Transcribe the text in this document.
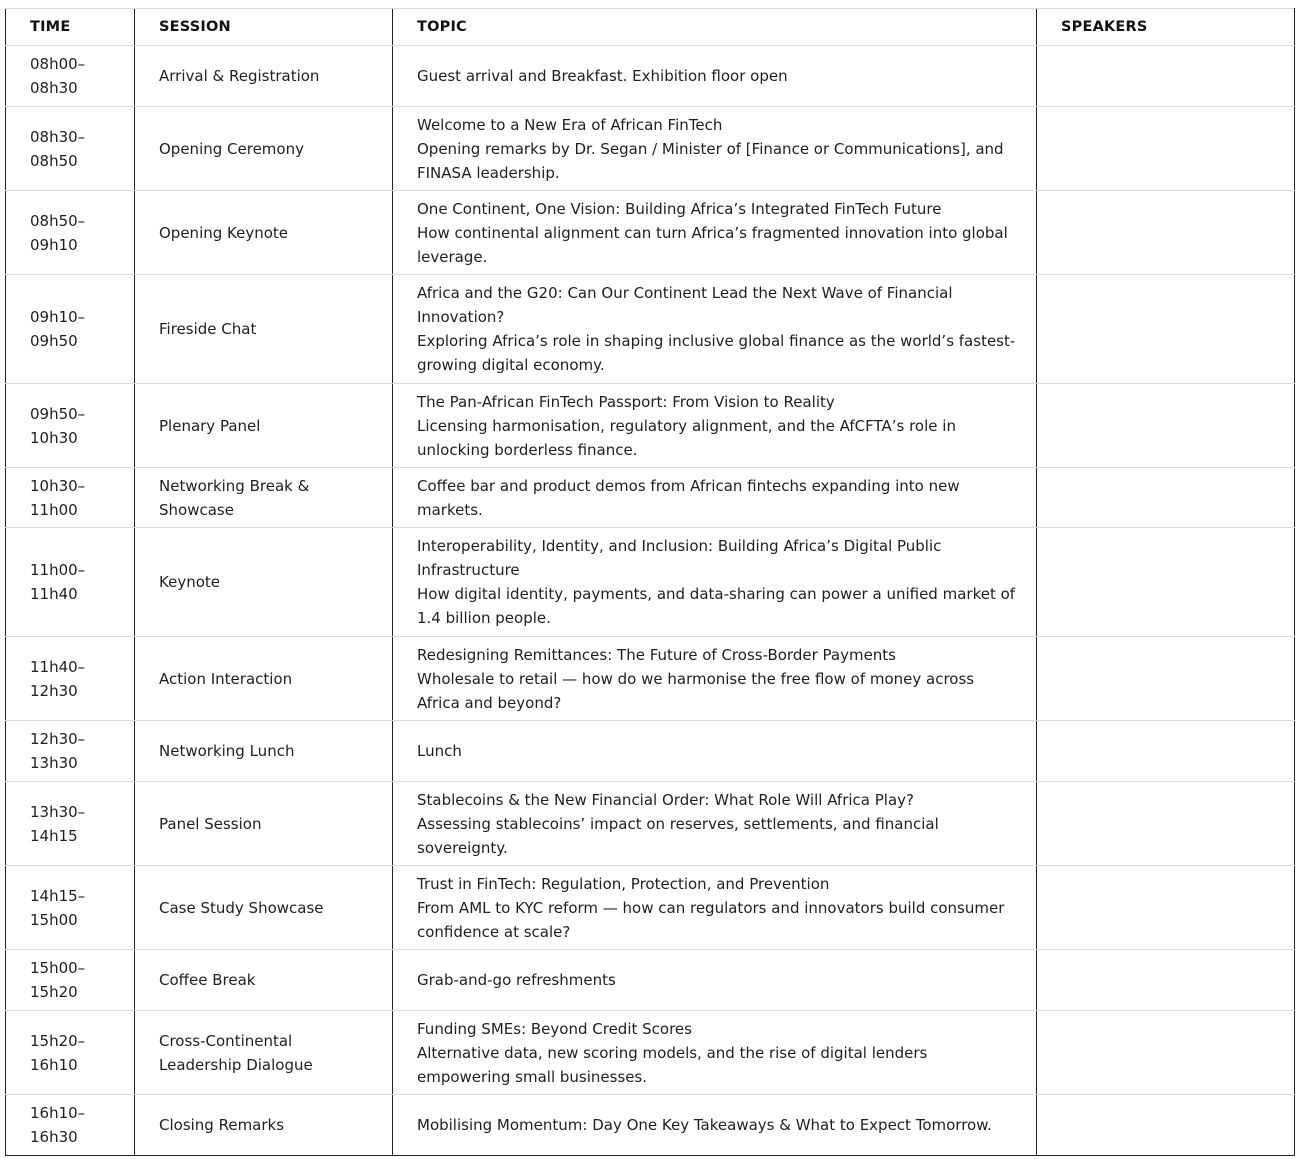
TIME	SESSION	TOPIC	SPEAKERS

08h00–
08h30	Arrival & Registration	Guest arrival and Breakfast. Exhibition floor open	

08h30–
08h50	Opening Ceremony	Welcome to a New Era of African FinTech
Opening remarks by Dr. Segan / Minister of [Finance or Communications], and FINASA leadership.	

08h50–
09h10	Opening Keynote	One Continent, One Vision: Building Africa’s Integrated FinTech Future
How continental alignment can turn Africa’s fragmented innovation into global leverage.	

09h10–
09h50	Fireside Chat	Africa and the G20: Can Our Continent Lead the Next Wave of Financial Innovation?
Exploring Africa’s role in shaping inclusive global finance as the world’s fastest-growing digital economy.	

09h50–
10h30	Plenary Panel	The Pan-African FinTech Passport: From Vision to Reality
Licensing harmonisation, regulatory alignment, and the AfCFTA’s role in unlocking borderless finance.	

10h30–
11h00	Networking Break & Showcase	Coffee bar and product demos from African fintechs expanding into new markets.	

11h00–
11h40	Keynote	Interoperability, Identity, and Inclusion: Building Africa’s Digital Public Infrastructure
How digital identity, payments, and data-sharing can power a unified market of 1.4 billion people.	

11h40–
12h30	Action Interaction	Redesigning Remittances: The Future of Cross-Border Payments
Wholesale to retail — how do we harmonise the free flow of money across Africa and beyond?	

12h30–
13h30	Networking Lunch	Lunch	

13h30–
14h15	Panel Session	Stablecoins & the New Financial Order: What Role Will Africa Play?
Assessing stablecoins’ impact on reserves, settlements, and financial sovereignty.	

14h15–
15h00	Case Study Showcase	Trust in FinTech: Regulation, Protection, and Prevention
From AML to KYC reform — how can regulators and innovators build consumer confidence at scale?	

15h00–
15h20	Coffee Break	Grab-and-go refreshments	

15h20–
16h10	Cross-Continental Leadership Dialogue	Funding SMEs: Beyond Credit Scores
Alternative data, new scoring models, and the rise of digital lenders empowering small businesses.	

16h10–
16h30	Closing Remarks	Mobilising Momentum: Day One Key Takeaways & What to Expect Tomorrow.	
